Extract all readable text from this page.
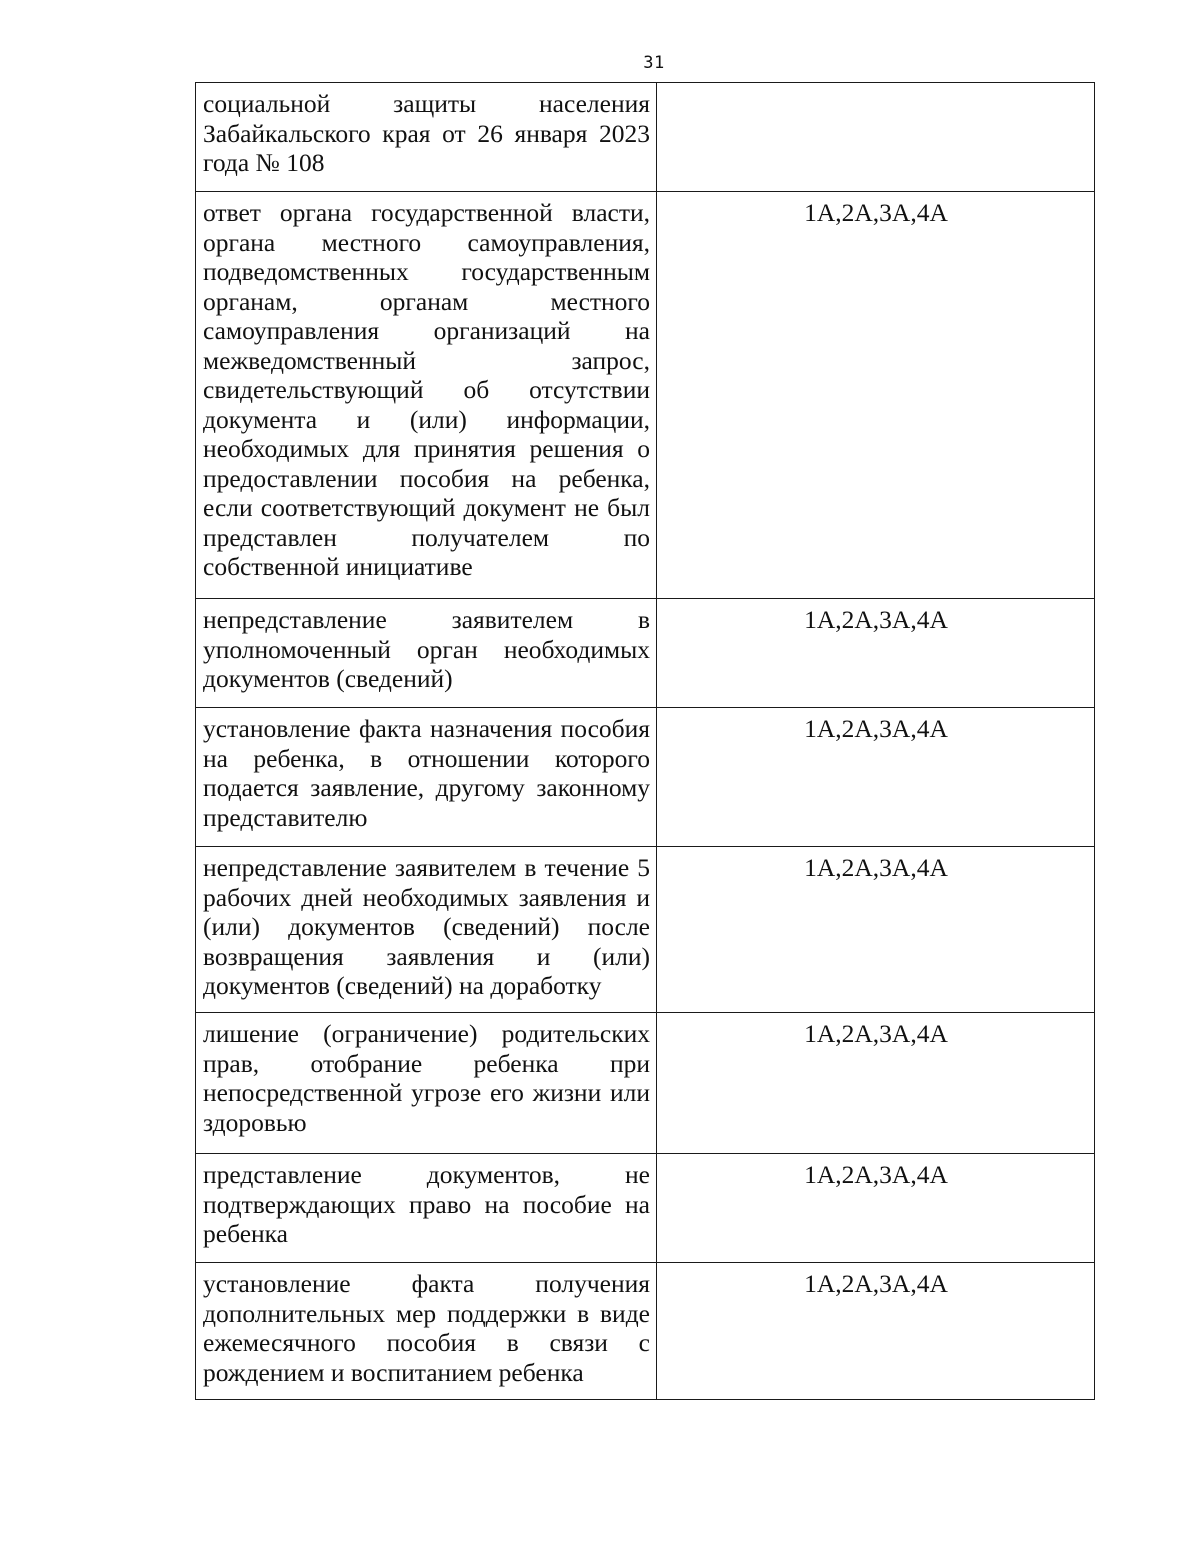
31
социальной защиты населения Забайкальского края от 26 января 2023 года № 108	
ответ органа государственной власти, органа местного самоуправления, подведомственных государственным органам, органам местного самоуправления организаций на межведомственный запрос, свидетельствующий об отсутствии документа и (или) информации, необходимых для принятия решения о предоставлении пособия на ребенка, если соответствующий документ не был представлен получателем по собственной инициативе	1А,2А,3А,4А
непредставление заявителем в уполномоченный орган необходимых документов (сведений)	1А,2А,3А,4А
установление факта назначения пособия на ребенка, в отношении которого подается заявление, другому законному представителю	1А,2А,3А,4А
непредставление заявителем в течение 5 рабочих дней необходимых заявления и (или) документов (сведений) после возвращения заявления и (или) документов (сведений) на доработку	1А,2А,3А,4А
лишение (ограничение) родительских прав, отобрание ребенка при непосредственной угрозе его жизни или здоровью	1А,2А,3А,4А
представление документов, не подтверждающих право на пособие на ребенка	1А,2А,3А,4А
установление факта получения дополнительных мер поддержки в виде ежемесячного пособия в связи с рождением и воспитанием ребенка	1А,2А,3А,4А
